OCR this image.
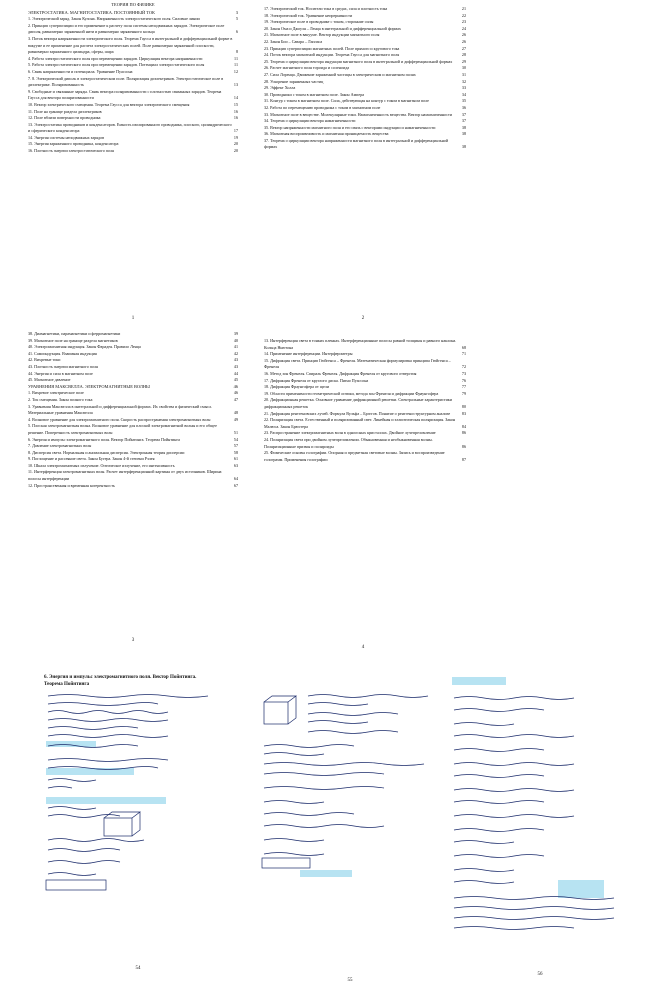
ТЕОРИЯ ПО ФИЗИКЕ
ЭЛЕКТРОСТАТИКА. МАГНИТОСТАТИКА. ПОСТОЯННЫЙ ТОК	3
1. Электрический заряд. Закон Кулона. Напряженность электростатического поля. Силовые линии	5
2. Принцип суперпозиции и его применение к расчету поля системы неподвижных зарядов. Электрическое поле диполя, равномерно заряженной нити и равномерно заряженного кольца	6
3. Поток вектора напряженности электрического поля. Теорема Гаусса в интегральной и дифференциальной форме в вакууме и ее применение для расчета электростатических полей. Поле равномерно заряженной плоскости, равномерно заряженного цилиндра, сферы, шара	8
4. Работа электростатического поля при перемещении зарядов. Циркуляция вектора напряженности	11
5. Работа электростатического поля при перемещении зарядов. Потенциал электростатического поля	11
6. Связь напряженности и потенциала. Уравнение Пуассона	12
7. 8. Электрический диполь в электростатическом поле. Поляризация диэлектриков. Электростатическое поле в диэлектрике. Поляризованность	13
9. Свободные и связанные заряды. Связь вектора поляризованности с плотностью связанных зарядов. Теорема Гаусса для вектора поляризованности	14
10. Вектор электрического смещения. Теорема Гаусса для вектора электрического смещения	15
11. Поле на границе раздела диэлектриков	16
12. Поле вблизи поверхности проводника	16
13. Электростатика проводников и конденсаторов. Емкость изолированного проводника, плоского, цилиндрического и сферического конденсатора	17
14. Энергия системы неподвижных зарядов	19
15. Энергия заряженного проводника, конденсатора	20
16. Плотность энергии электростатического поля	20
1
17. Электрический ток. Носители тока в средах, сила и плотность тока	21
18. Электрический ток. Уравнение непрерывности	22
19. Электрическое поле в проводнике с током, сторонние силы	23
20. Закон Ома и Джоуля – Ленца в интегральной и дифференциальной формах	24
21. Магнитное поле в вакууме. Вектор индукции магнитного поля	26
22. Закон Био – Савара – Лапласа	26
23. Принцип суперпозиции магнитных полей. Поле прямого и кругового тока	27
24. Поток вектора магнитной индукции. Теорема Гаусса для магнитного поля	28
25. Теорема о циркуляции вектора индукции магнитного поля в интегральной и дифференциальной формах	29
26. Расчет магнитного поля тороида и соленоида	30
27. Сила Лоренца. Движение заряженной частицы в электрическом и магнитном полях	31
28. Ускорение заряженных частиц	32
29. Эффект Холла	33
30. Проводники с током в магнитном поле. Закон Ампера	34
31. Контур с током в магнитном поле. Сила, действующая на контур с током в магнитном поле	35
32. Работа по перемещению проводника с током в магнитном поле	36
33. Магнитное поле в веществе. Молекулярные токи. Намагниченность вещества. Вектор намагниченности	37
34. Теорема о циркуляции вектора намагниченности	37
35. Вектор напряженности магнитного поля и его связь с векторами индукции и намагниченности	38
36. Магнитная восприимчивость и магнитная проницаемость вещества	38
37. Теорема о циркуляции вектора напряженности магнитного поля в интегральной и дифференциальной формах	38
2
38. Диамагнетики, парамагнетики и ферромагнетики	39
39. Магнитное поле на границе раздела магнетиков	40
40. Электромагнитная индукция. Закон Фарадея. Правило Ленца	41
41. Самоиндукция. Взаимная индукция	42
42. Вихревые токи	43
43. Плотность энергии магнитного поля	43
44. Энергия и сила в магнитном поле	44
45. Магнитное давление	45
УРАВНЕНИЯ МАКСВЕЛЛА. ЭЛЕКТРОМАГНИТНЫЕ ВОЛНЫ	46
1. Вихревое электрическое поле	46
2. Ток смещения. Закон полного тока	47
3. Уравнения Максвелла в интегральной и дифференциальной формах. Их свойства и физический смысл. Материальные уравнения Максвелла	48
4. Волновое уравнение для электромагнитного поля. Скорость распространения электромагнитных волн	49
5. Плоская электромагнитная волна. Волновое уравнение для плоской электромагнитной волны и его общее решение. Поперечность электромагнитных волн	51
6. Энергия и импульс электромагнитного поля. Вектор Пойнтинга. Теорема Пойнтинга	54
7. Давление электромагнитных волн	57
8. Дисперсия света. Нормальная и аномальная дисперсия. Электронная теория дисперсии	58
9. Поглощение и рассеяние света. Закон Бугера. Закон 4-й степени Рэлея	61
10. Шкала электромагнитных излучение. Оптическое излучение, его интенсивность	63
11. Интерференция электромагнитных волн. Расчет интерференционной картины от двух источников. Ширина полосы интерференции	64
12. Пространственная и временная когерентность	67
3
13. Интерференция света в тонких пленках. Интерференционные полосы равной толщины и равного наклона. Кольца Ньютона	68
14. Применение интерференции. Интерферометры	71
15. Дифракция света. Принцип Гюйгенса – Френеля. Математическая формулировка принципа Гюйгенса – Френеля	72
16. Метод зон Френеля. Спираль Френеля. Дифракция Френеля от кругового отверстия	73
17. Дифракция Френеля от круглого диска. Пятно Пуассона	76
18. Дифракция Фраунгофера от щели	77
19. Области применимости геометрической оптики, метода зон Френеля и дифракции Фраунгофера	79
20. Дифракционная решетка. Основное уравнение дифракционной решетки. Спектральные характеристики дифракционных решеток	80
21. Дифракция рентгеновских лучей. Формула Вульфа – Брэггов. Понятие о рентгеноструктурном анализе	83
22. Поляризация света. Естественный и поляризованный свет. Линейная и эллиптическая поляризация. Закон Малюса. Закон Брюстера	84
23. Распространение электромагнитных волн в одноосных кристаллах. Двойное лучепреломление	86
24. Поляризация света при двойном лучепреломлении. Обыкновенная и необыкновенная волны. Поляризационные призмы и поляроиды	86
25. Физические основы голографии. Опорная и предметная световые волны. Запись и воспроизведение голограмм. Применения голографии	87
4
6. Энергия и импульс электромагнитного поля. Вектор Пойнтинга.
Теорема Пойнтинга
54
55
56
